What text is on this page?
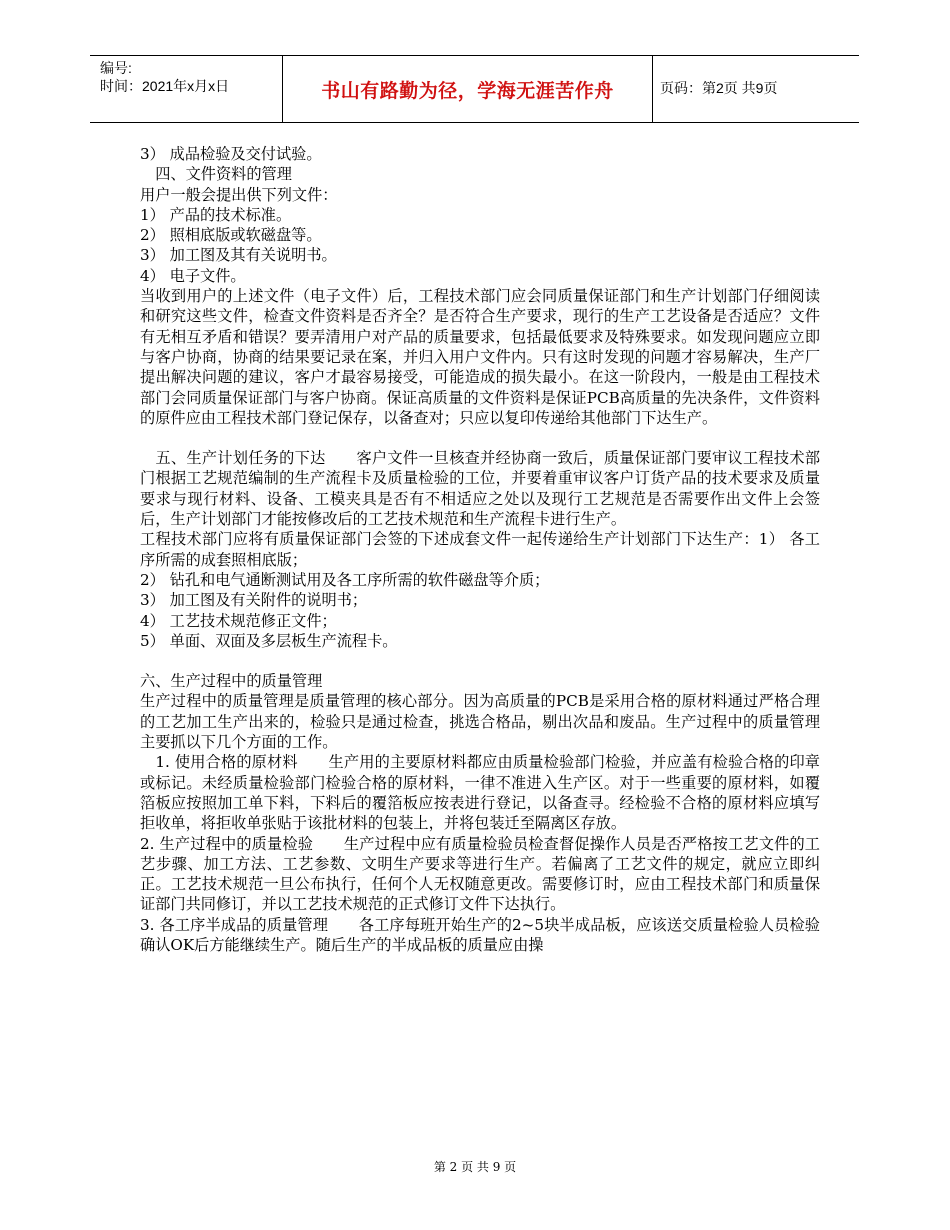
编号:
时间：2021年x月x日	书山有路勤为径，学海无涯苦作舟	页码：第2页 共9页

3） 成品检验及交付试验。

　四、文件资料的管理

用户一般会提出供下列文件：

1） 产品的技术标准。

2） 照相底版或软磁盘等。

3） 加工图及其有关说明书。

4） 电子文件。

当收到用户的上述文件（电子文件）后，工程技术部门应会同质量保证部门和生产计划部门仔细阅读和研究这些文件，检查文件资料是否齐全？是否符合生产要求，现行的生产工艺设备是否适应？文件有无相互矛盾和错误？要弄清用户对产品的质量要求，包括最低要求及特殊要求。如发现问题应立即与客户协商，协商的结果要记录在案，并归入用户文件内。只有这时发现的问题才容易解决，生产厂提出解决问题的建议，客户才最容易接受，可能造成的损失最小。在这一阶段内，一般是由工程技术部门会同质量保证部门与客户协商。保证高质量的文件资料是保证PCB高质量的先决条件，文件资料的原件应由工程技术部门登记保存，以备查对；只应以复印传递给其他部门下达生产。

　五、生产计划任务的下达　　客户文件一旦核查并经协商一致后，质量保证部门要审议工程技术部门根据工艺规范编制的生产流程卡及质量检验的工位，并要着重审议客户订货产品的技术要求及质量要求与现行材料、设备、工模夹具是否有不相适应之处以及现行工艺规范是否需要作出文件上会签后，生产计划部门才能按修改后的工艺技术规范和生产流程卡进行生产。

工程技术部门应将有质量保证部门会签的下述成套文件一起传递给生产计划部门下达生产：1） 各工序所需的成套照相底版；

2） 钻孔和电气通断测试用及各工序所需的软件磁盘等介质；

3） 加工图及有关附件的说明书；

4） 工艺技术规范修正文件；

5） 单面、双面及多层板生产流程卡。

六、生产过程中的质量管理

生产过程中的质量管理是质量管理的核心部分。因为高质量的PCB是采用合格的原材料通过严格合理的工艺加工生产出来的，检验只是通过检查，挑选合格品，剔出次品和废品。生产过程中的质量管理主要抓以下几个方面的工作。

　1. 使用合格的原材料　　生产用的主要原材料都应由质量检验部门检验，并应盖有检验合格的印章或标记。未经质量检验部门检验合格的原材料，一律不准进入生产区。对于一些重要的原材料，如覆箔板应按照加工单下料，下料后的覆箔板应按表进行登记，以备查寻。经检验不合格的原材料应填写拒收单，将拒收单张贴于该批材料的包装上，并将包装迁至隔离区存放。

2. 生产过程中的质量检验　　生产过程中应有质量检验员检查督促操作人员是否严格按工艺文件的工艺步骤、加工方法、工艺参数、文明生产要求等进行生产。若偏离了工艺文件的规定，就应立即纠正。工艺技术规范一旦公布执行，任何个人无权随意更改。需要修订时，应由工程技术部门和质量保证部门共同修订，并以工艺技术规范的正式修订文件下达执行。

3. 各工序半成品的质量管理　　各工序每班开始生产的2~5块半成品板，应该送交质量检验人员检验确认OK后方能继续生产。随后生产的半成品板的质量应由操

第 2 页 共 9 页
